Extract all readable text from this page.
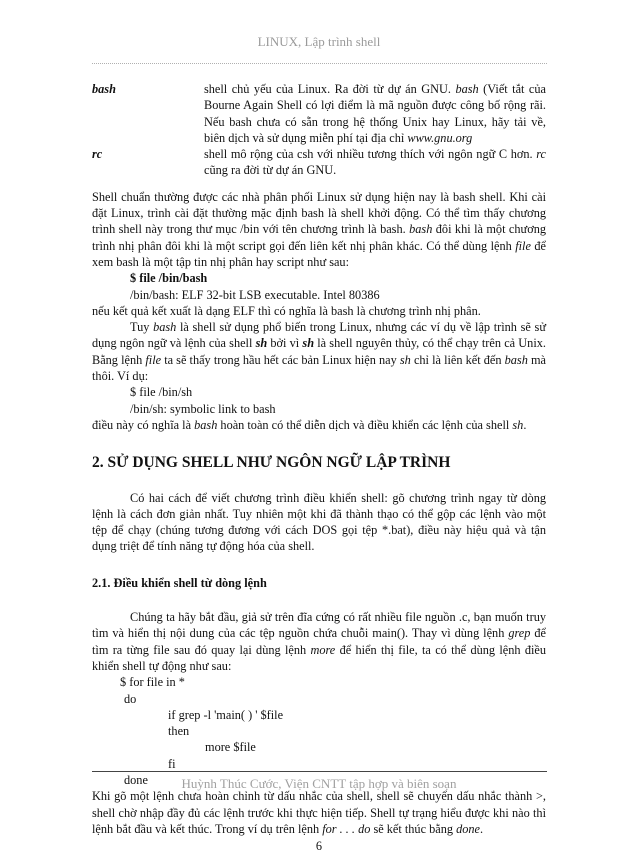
LINUX, Lập trình shell
bash	shell chủ yếu của Linux. Ra đời từ dự án GNU. bash (Viết tắt của Bourne Again Shell có lợi điểm là mã nguồn được công bố rộng rãi. Nếu bash chưa có sẵn trong hệ thống Unix hay Linux, hãy tải về, biên dịch và sử dụng miễn phí tại địa chỉ www.gnu.org
rc	shell mô rộng của csh với nhiều tương thích với ngôn ngữ C hơn. rc cũng ra đời từ dự án GNU.

Shell chuẩn thường được các nhà phân phối Linux sử dụng hiện nay là bash shell. Khi cài đặt Linux, trình cài đặt thường mặc định bash là shell khởi động. Có thể tìm thấy chương trình shell này trong thư mục /bin với tên chương trình là bash. bash đôi khi là một chương trình nhị phân đôi khi là một script gọi đến liên kết nhị phân khác. Có thể dùng lệnh file để xem bash là một tập tin nhị phân hay script như sau:

$ file /bin/bash
/bin/bash: ELF 32-bit LSB executable. Intel 80386

nếu kết quả kết xuất là dạng ELF thì có nghĩa là bash là chương trình nhị phân.

Tuy bash là shell sử dụng phổ biến trong Linux, nhưng các ví dụ về lập trình sẽ sử dụng ngôn ngữ và lệnh của shell sh bởi vì sh là shell nguyên thủy, có thể chạy trên cả Unix. Bằng lệnh file ta sẽ thấy trong hầu hết các bản Linux hiện nay sh chỉ là liên kết đến bash mà thôi. Ví dụ:

$ file /bin/sh
/bin/sh: symbolic link to bash

điều này có nghĩa là bash hoàn toàn có thể diễn dịch và điều khiển các lệnh của shell sh.

2. SỬ DỤNG SHELL NHƯ NGÔN NGỮ LẬP TRÌNH

Có hai cách để viết chương trình điều khiển shell: gõ chương trình ngay từ dòng lệnh là cách đơn giản nhất. Tuy nhiên một khi đã thành thạo có thể gộp các lệnh vào một tệp để chạy (chúng tương đương với cách DOS gọi tệp *.bat), điều này hiệu quả và tận dụng triệt để tính năng tự động hóa của shell.

2.1. Điều khiển shell từ dòng lệnh

Chúng ta hãy bắt đầu, giả sử trên đĩa cứng có rất nhiều file nguồn .c, bạn muốn truy tìm và hiển thị nội dung của các tệp nguồn chứa chuỗi main(). Thay vì dùng lệnh grep để tìm ra từng file sau đó quay lại dùng lệnh more để hiển thị file, ta có thể dùng lệnh điều khiển shell tự động như sau:

$ for file in *
do
if grep -l 'main( ) ' $file
then
more $file
fi
done

Khi gõ một lệnh chưa hoàn chỉnh từ dấu nhắc của shell, shell sẽ chuyển dấu nhắc thành >, shell chờ nhập đầy đủ các lệnh trước khi thực hiện tiếp. Shell tự trạng hiểu được khi nào thì lệnh bắt đầu và kết thúc. Trong ví dụ trên lệnh for . . . do sẽ kết thúc bằng done.

6
Huỳnh Thúc Cước, Viện CNTT tập hợp và biên soạn
